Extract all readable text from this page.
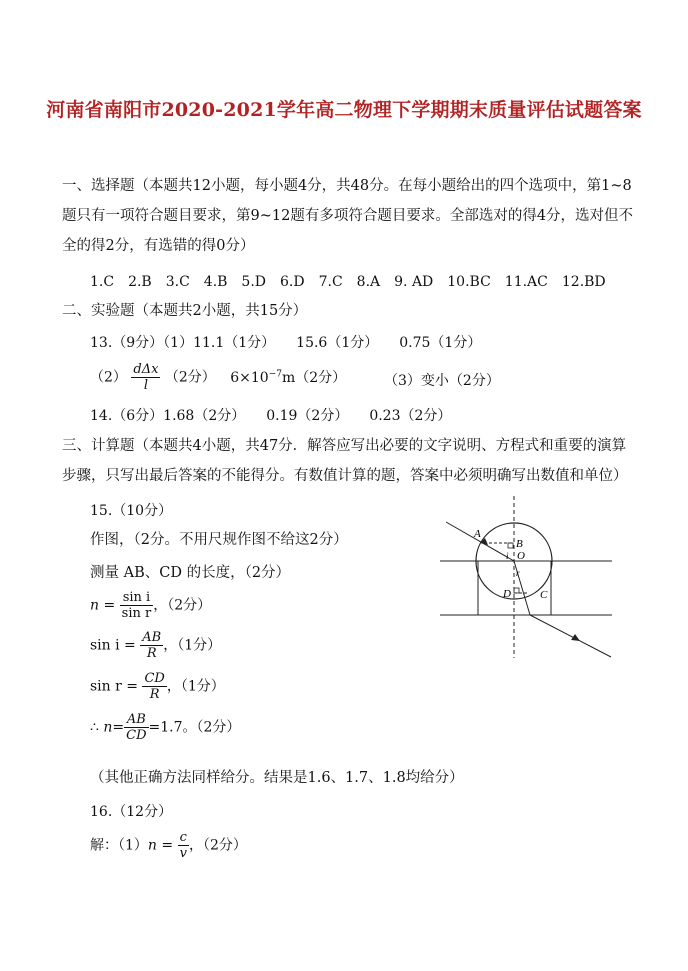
河南省南阳市2020-2021学年高二物理下学期期末质量评估试题答案
一、选择题（本题共12小题，每小题4分，共48分。在每小题给出的四个选项中，第1~8
题只有一项符合题目要求，第9~12题有多项符合题目要求。全部选对的得4分，选对但不
全的得2分，有选错的得0分）
1.C　2.B　3.C　4.B　5.D　6.D　7.C　8.A　9. AD　10.BC　11.AC　12.BD
二、实验题（本题共2小题，共15分）
13.（9分）（1）11.1（1分）　　15.6（1分）　　0.75（1分）
$(2) \frac{\text{dΔx}}{l} (2$分） $6\times 10^{-7}m(2$分）	（3）变小（2分）
14.（6分）1.68（2分）　　0.19（2分）　　0.23（2分）
三、计算题（本题共4小题，共47分．解答应写出必要的文字说明、方程式和重要的演算
步骤，只写出最后答案的不能得分。有数值计算的题，答案中必须明确写出数值和单位）
15.（10分）
作图，（2分。不用尺规作图不给这2分）
测量 AB、CD 的长度，（2分）
$n = \frac{\text{sin i}}{\text{sin r}}$ ，（2分）
$\sin i = \frac{AB}{R}$ ，（1分）
$\sin r = \frac{CD}{R}$ ，（1分）
∴ $n= \frac{AB}{CD} =1.7$。（2分）
（其他正确方法同样给分。结果是1.6、1.7、1.8均给分）
16.（12分）
解：$(1)n = \frac{c}{v}$ ，（2分）
A
B
i O
r
D	C
